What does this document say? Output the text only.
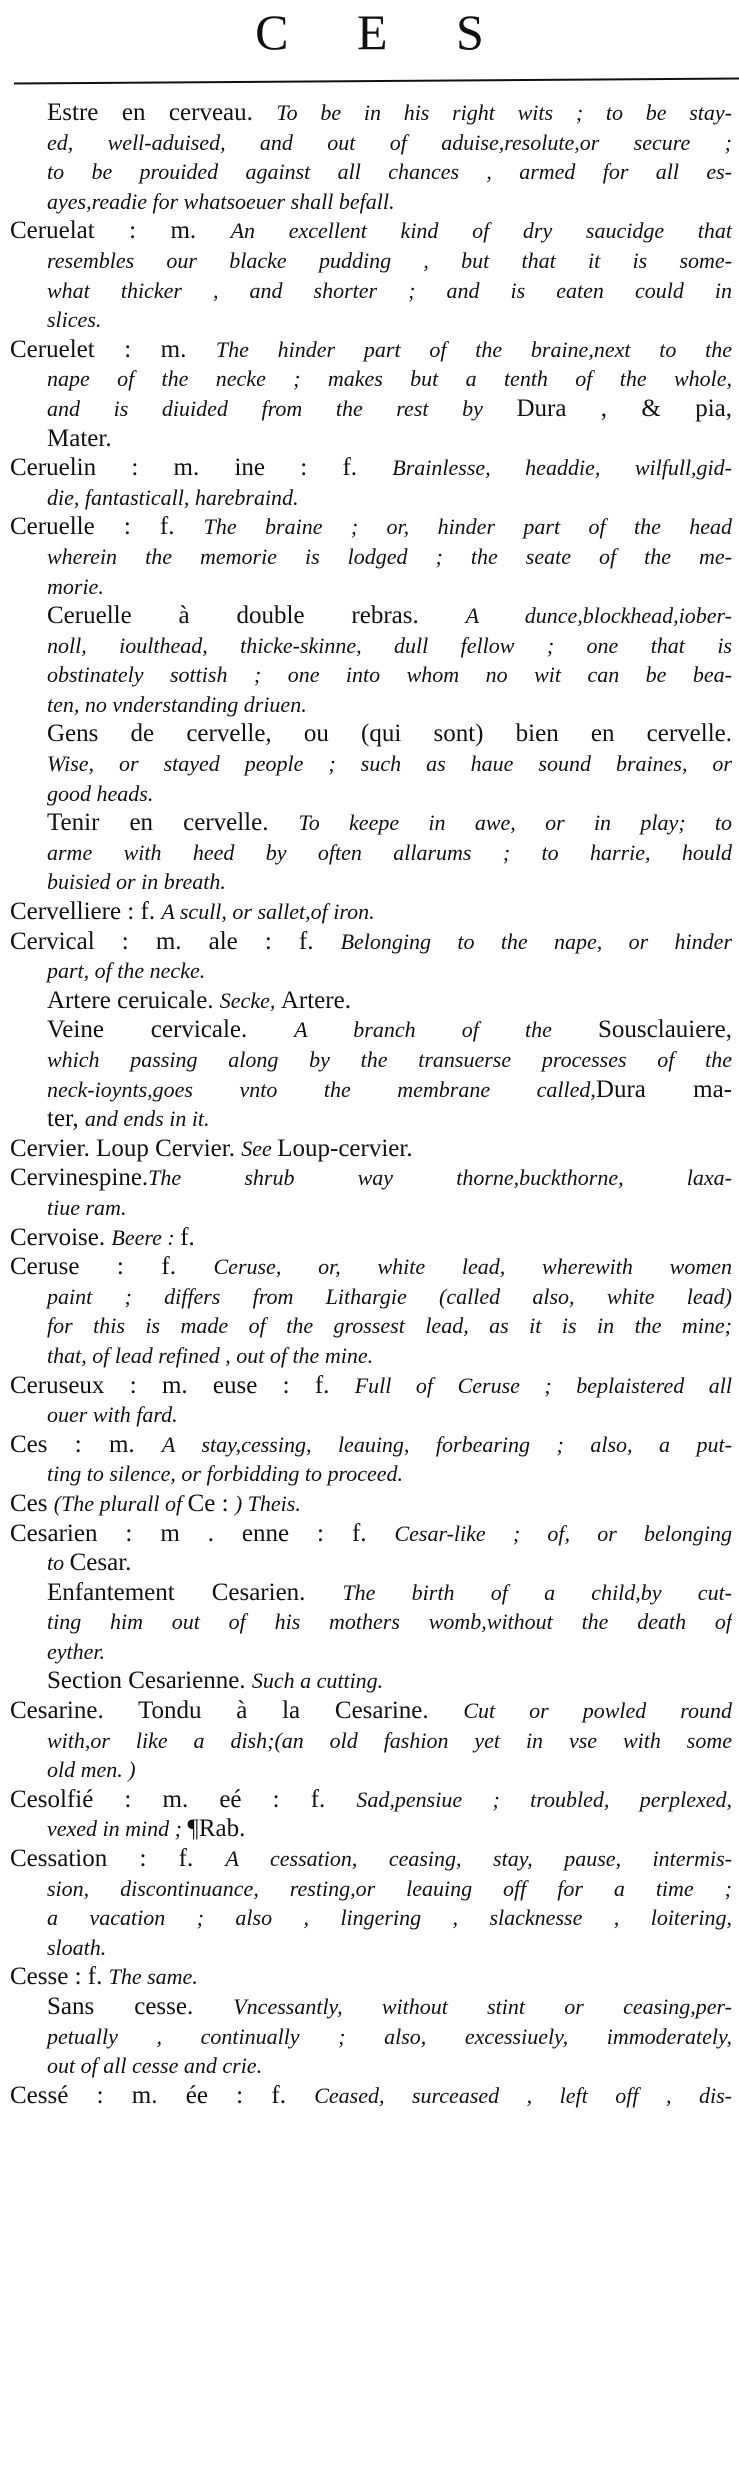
C E S
Estre en cerveau. To be in his right wits ; to be stay-
ed, well-aduised, and out of aduise,resolute,or secure ;
to be prouided against all chances , armed for all es-
ayes,readie for whatsoeuer shall befall.
Ceruelat : m. An excellent kind of dry saucidge that
resembles our blacke pudding , but that it is some-
what thicker , and shorter ; and is eaten could in
slices.
Ceruelet : m. The hinder part of the braine,next to the
nape of the necke ; makes but a tenth of the whole,
and is diuided from the rest by Dura , & pia,
Mater.
Ceruelin : m. ine : f. Brainlesse, headdie, wilfull,gid-
die, fantasticall, harebraind.
Ceruelle : f. The braine ; or, hinder part of the head
wherein the memorie is lodged ; the seate of the me-
morie.
Ceruelle à double rebras. A dunce,blockhead,iober-
noll, ioulthead, thicke-skinne, dull fellow ; one that is
obstinately sottish ; one into whom no wit can be bea-
ten, no vnderstanding driuen.
Gens de cervelle, ou (qui sont) bien en cervelle.
Wise, or stayed people ; such as haue sound braines, or
good heads.
Tenir en cervelle. To keepe in awe, or in play; to
arme with heed by often allarums ; to harrie, hould
buisied or in breath.
Cervelliere : f. A scull, or sallet,of iron.
Cervical : m. ale : f. Belonging to the nape, or hinder
part, of the necke.
Artere ceruicale. Secke, Artere.
Veine cervicale. A branch of the Sousclauiere,
which passing along by the transuerse processes of the
neck-ioynts,goes vnto the membrane called,Dura ma-
ter, and ends in it.
Cervier. Loup Cervier. See Loup-cervier.
Cervinespine.The shrub way thorne,buckthorne, laxa-
tiue ram.
Cervoise. Beere : f.
Ceruse : f. Ceruse, or, white lead, wherewith women
paint ; differs from Lithargie (called also, white lead)
for this is made of the grossest lead, as it is in the mine;
that, of lead refined , out of the mine.
Ceruseux : m. euse : f. Full of Ceruse ; beplaistered all
ouer with fard.
Ces : m. A stay,cessing, leauing, forbearing ; also, a put-
ting to silence, or forbidding to proceed.
Ces (The plurall of Ce : ) Theis.
Cesarien : m . enne : f. Cesar-like ; of, or belonging
to Cesar.
Enfantement Cesarien. The birth of a child,by cut-
ting him out of his mothers womb,without the death of
eyther.
Section Cesarienne. Such a cutting.
Cesarine. Tondu à la Cesarine. Cut or powled round
with,or like a dish;(an old fashion yet in vse with some
old men. )
Cesolfié : m. eé : f. Sad,pensiue ; troubled, perplexed,
vexed in mind ; ¶Rab.
Cessation : f. A cessation, ceasing, stay, pause, intermis-
sion, discontinuance, resting,or leauing off for a time ;
a vacation ; also , lingering , slacknesse , loitering,
sloath.
Cesse : f. The same.
Sans cesse. Vncessantly, without stint or ceasing,per-
petually , continually ; also, excessiuely, immoderately,
out of all cesse and crie.
Cessé : m. ée : f. Ceased, surceased , left off , dis-
